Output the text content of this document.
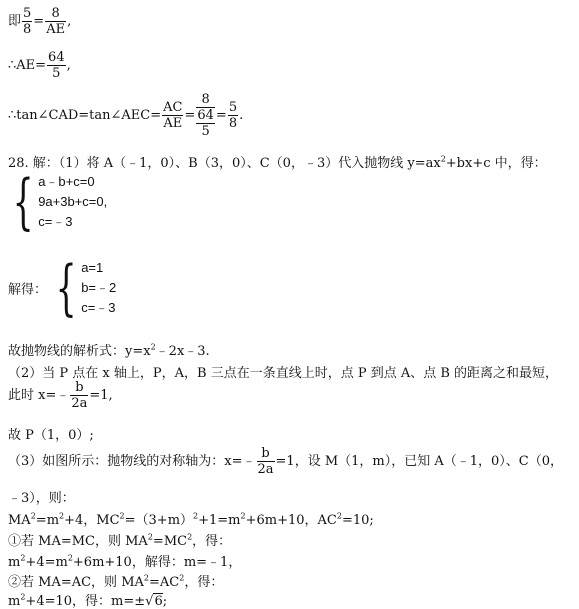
即 $\frac{5}{8} = \frac{8}{AE}$ ,
∴AE= $\frac{64}{5}$ ,
∴tan∠CAD=tan∠AEC= $\frac{AC}{AE} = \frac{8}{\frac{64}{5}} = \frac{5}{8}$ .
28. 解：（1）将 A（﹣1，0）、B（3，0）、C（0，﹣3）代入抛物线 $y=ax^2+bx+c$ 中，得：
{ a﹣b+c=0
9a+3b+c=0,
c=﹣3
解得： { a=1
b=﹣2
c=﹣3
故抛物线的解析式：$y=x^2﹣2x﹣3$.
（2）当 P 点在 x 轴上，P，A，B 三点在一条直线上时，点 P 到点 A、点 B 的距离之和最短，
此时 x=﹣ $\frac{b}{2a} =1$,
故 P（1，0）;
（3）如图所示：抛物线的对称轴为：x=﹣ $\frac{b}{2a} =1$，设 M（1，m），已知 A（﹣1，0）、C（0，
﹣3），则：
$MA^2=m^2+4$，$MC^2=(3+m)^2+1=m^2+6m+10$，$AC^2=10$;
①若 MA=MC，则 $MA^2=MC^2$，得：
$m^2+4=m^2+6m+10$，解得：m=﹣1，
②若 MA=AC，则 $MA^2=AC^2$，得：
$m^2+4=10$，得：m=±√6;
